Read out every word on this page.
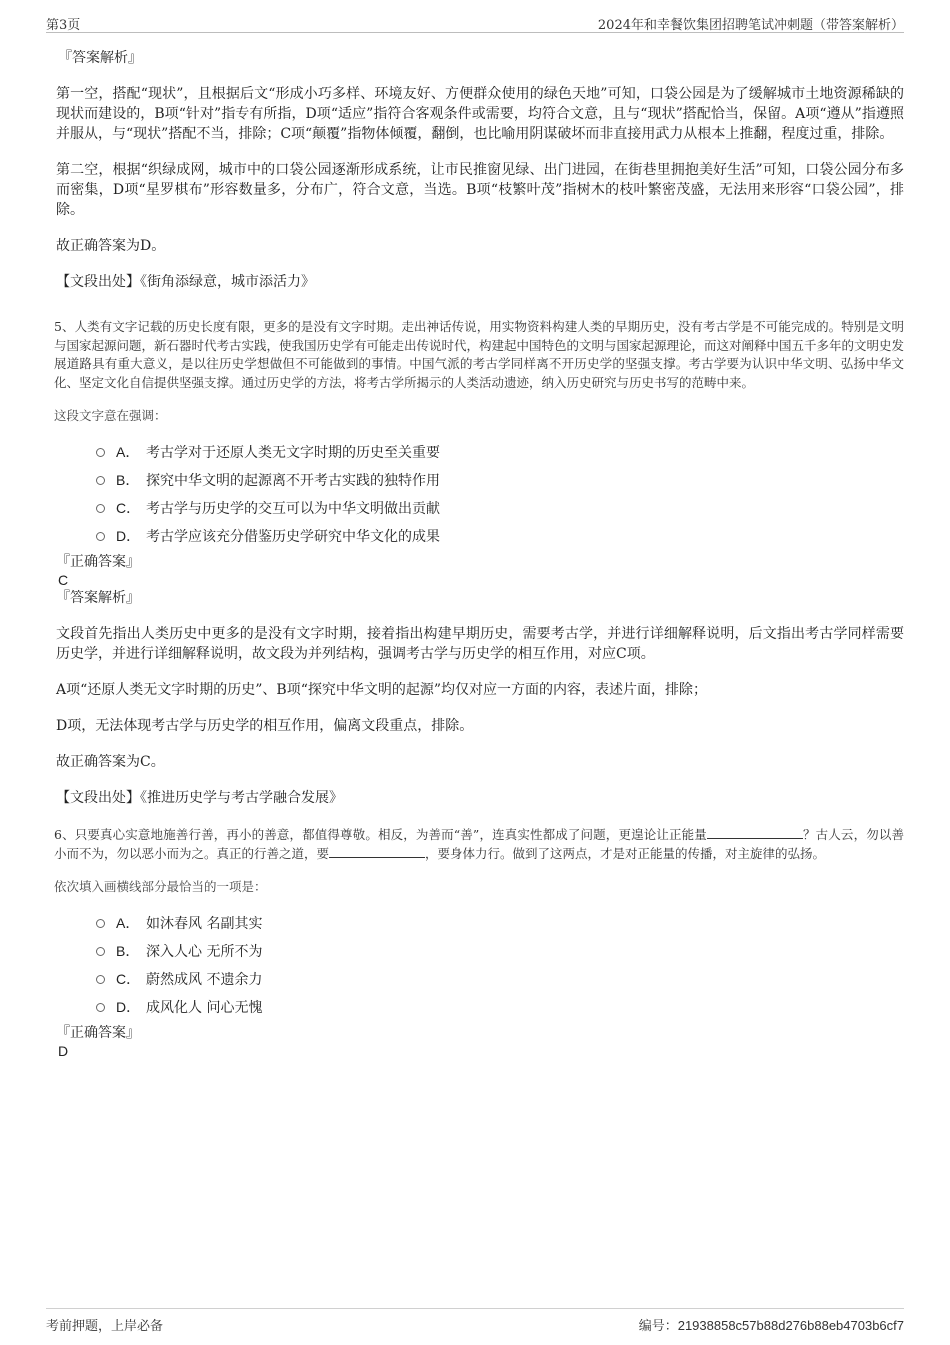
第3页	2024年和幸餐饮集团招聘笔试冲刺题（带答案解析）

『答案解析』

第一空，搭配“现状”，且根据后文“形成小巧多样、环境友好、方便群众使用的绿色天地”可知，口袋公园是为了缓解城市土地资源稀缺的现状而建设的，B项“针对”指专有所指，D项“适应”指符合客观条件或需要，均符合文意，且与“现状”搭配恰当，保留。A项“遵从”指遵照并服从，与“现状”搭配不当，排除；C项“颠覆”指物体倾覆，翻倒，也比喻用阴谋破坏而非直接用武力从根本上推翻，程度过重，排除。

第二空，根据“织绿成网，城市中的口袋公园逐渐形成系统，让市民推窗见绿、出门进园，在街巷里拥抱美好生活”可知，口袋公园分布多而密集，D项“星罗棋布”形容数量多，分布广，符合文意，当选。B项“枝繁叶茂”指树木的枝叶繁密茂盛，无法用来形容“口袋公园”，排除。

故正确答案为D。

【文段出处】《街角添绿意，城市添活力》

5、人类有文字记载的历史长度有限，更多的是没有文字时期。走出神话传说，用实物资料构建人类的早期历史，没有考古学是不可能完成的。特别是文明与国家起源问题，新石器时代考古实践，使我国历史学有可能走出传说时代，构建起中国特色的文明与国家起源理论，而这对阐释中国五千多年的文明史发展道路具有重大意义，是以往历史学想做但不可能做到的事情。中国气派的考古学同样离不开历史学的坚强支撑。考古学要为认识中华文明、弘扬中华文化、坚定文化自信提供坚强支撑。通过历史学的方法，将考古学所揭示的人类活动遗迹，纳入历史研究与历史书写的范畴中来。

这段文字意在强调：

A． 考古学对于还原人类无文字时期的历史至关重要
B． 探究中华文明的起源离不开考古实践的独特作用
C． 考古学与历史学的交互可以为中华文明做出贡献
D． 考古学应该充分借鉴历史学研究中华文化的成果

『正确答案』

C

『答案解析』

文段首先指出人类历史中更多的是没有文字时期，接着指出构建早期历史，需要考古学，并进行详细解释说明，后文指出考古学同样需要历史学，并进行详细解释说明，故文段为并列结构，强调考古学与历史学的相互作用，对应C项。

A项“还原人类无文字时期的历史”、B项“探究中华文明的起源”均仅对应一方面的内容，表述片面，排除；

D项，无法体现考古学与历史学的相互作用，偏离文段重点，排除。

故正确答案为C。

【文段出处】《推进历史学与考古学融合发展》

6、只要真心实意地施善行善，再小的善意，都值得尊敬。相反，为善而“善”，连真实性都成了问题，更遑论让正能量	？古人云，勿以善小而不为，勿以恶小而为之。真正的行善之道，要	，要身体力行。做到了这两点，才是对正能量的传播，对主旋律的弘扬。

依次填入画横线部分最恰当的一项是：

A． 如沐春风 名副其实
B． 深入人心 无所不为
C． 蔚然成风 不遗余力
D． 成风化人 问心无愧

『正确答案』

D

考前押题，上岸必备	编号：21938858c57b88d276b88eb4703b6cf7
